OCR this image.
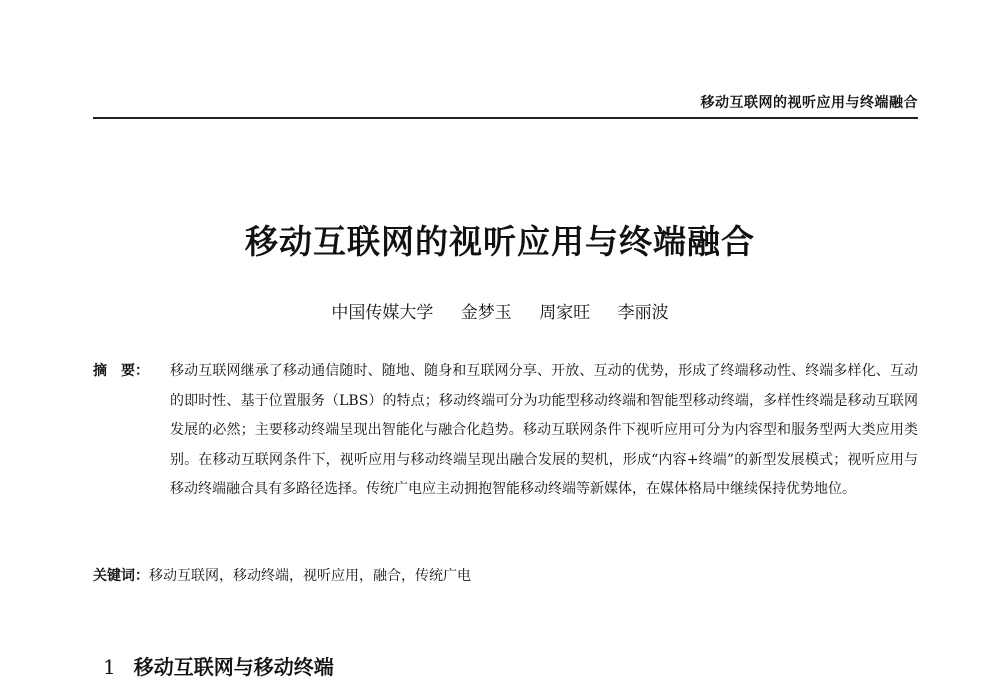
移动互联网的视听应用与终端融合
移动互联网的视听应用与终端融合
中国传媒大学 金梦玉 周家旺 李丽波
摘　要： 移动互联网继承了移动通信随时、随地、随身和互联网分享、开放、互动的优势，形成了终端移动性、终端多样化、互动的即时性、基于位置服务（LBS）的特点；移动终端可分为功能型移动终端和智能型移动终端，多样性终端是移动互联网发展的必然；主要移动终端呈现出智能化与融合化趋势。移动互联网条件下视听应用可分为内容型和服务型两大类应用类别。在移动互联网条件下，视听应用与移动终端呈现出融合发展的契机，形成“内容+终端”的新型发展模式；视听应用与移动终端融合具有多路径选择。传统广电应主动拥抱智能移动终端等新媒体，在媒体格局中继续保持优势地位。
关键词：移动互联网，移动终端，视听应用，融合，传统广电
1 移动互联网与移动终端
